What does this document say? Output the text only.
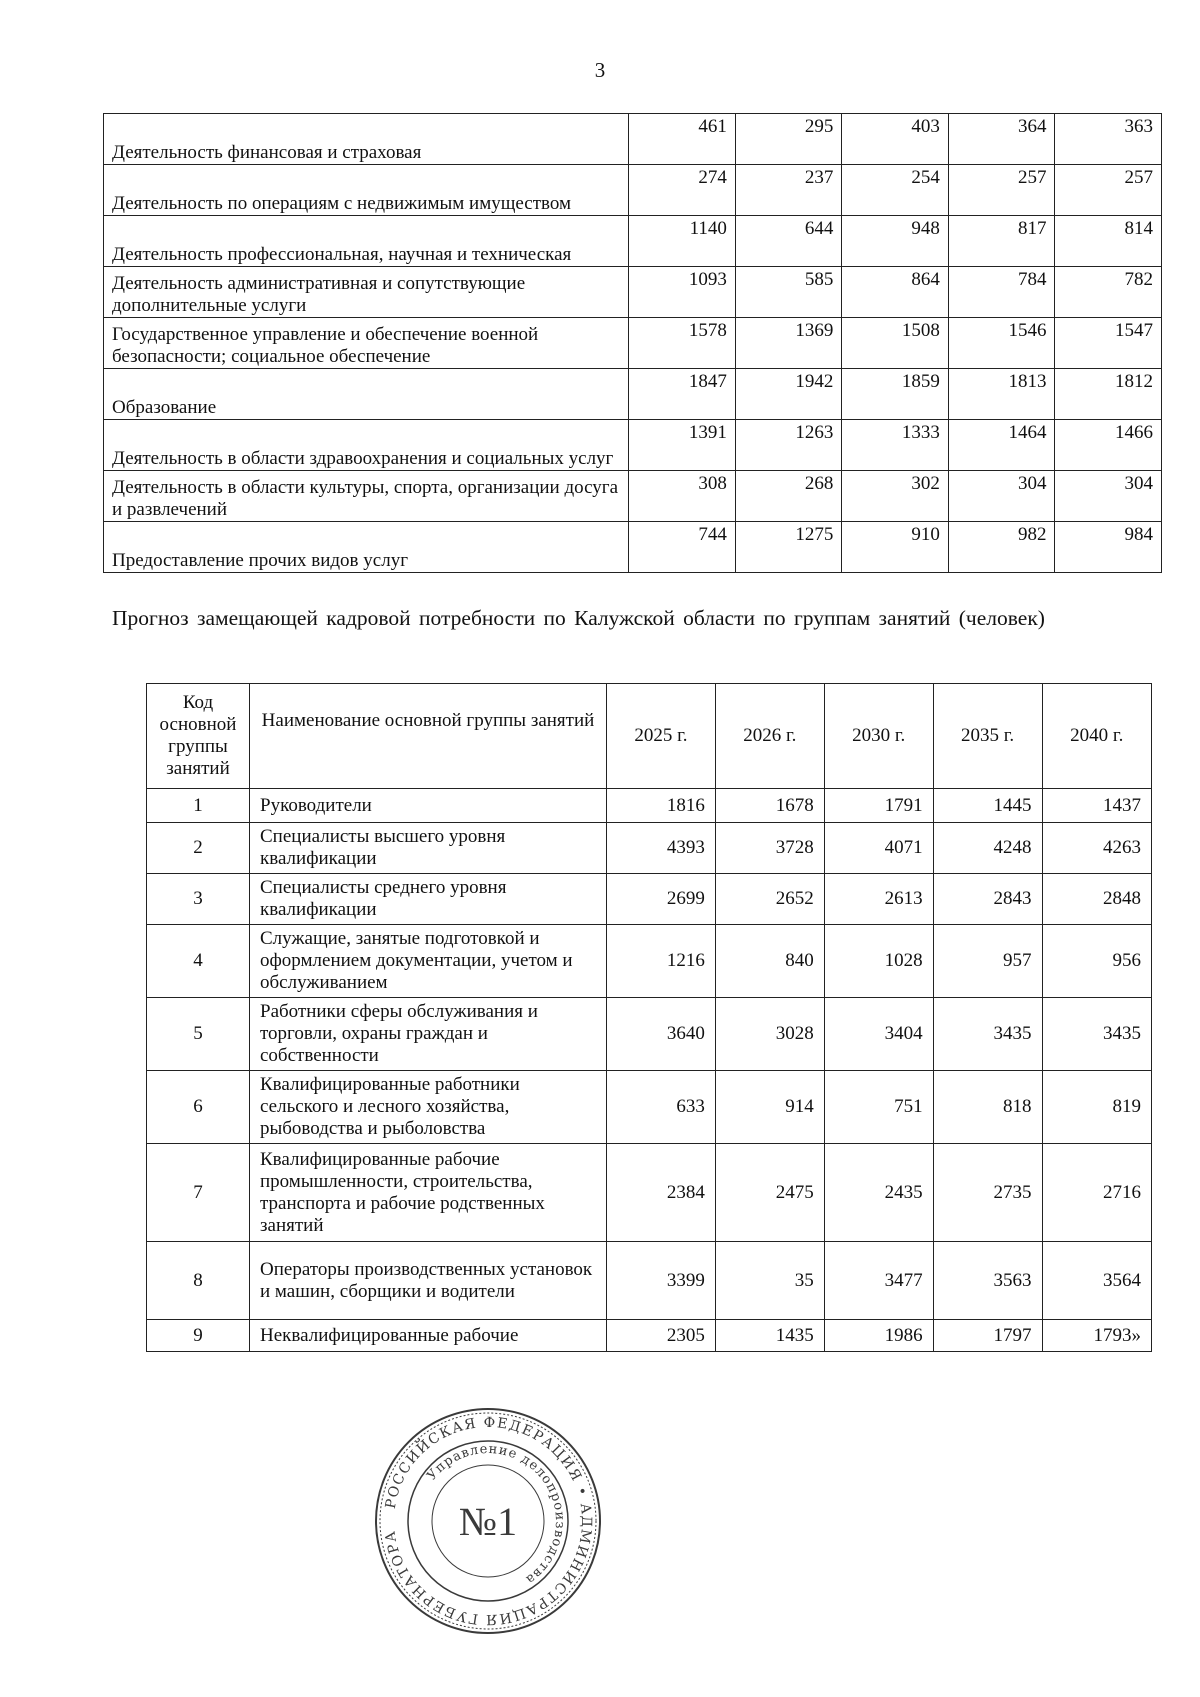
3
Деятельность финансовая и страховая	461	295	403	364	363
Деятельность по операциям с недвижимым имуществом	274	237	254	257	257
Деятельность профессиональная, научная и техническая	1140	644	948	817	814
Деятельность административная и сопутствующие дополнительные услуги	1093	585	864	784	782
Государственное управление и обеспечение военной безопасности; социальное обеспечение	1578	1369	1508	1546	1547
Образование	1847	1942	1859	1813	1812
Деятельность в области здравоохранения и социальных услуг	1391	1263	1333	1464	1466
Деятельность в области культуры, спорта, организации досуга и развлечений	308	268	302	304	304
Предоставление прочих видов услуг	744	1275	910	982	984
Прогноз замещающей кадровой потребности по Калужской области по группам занятий (человек)
Код основной группы занятий	Наименование основной группы занятий	2025 г.	2026 г.	2030 г.	2035 г.	2040 г.
1	Руководители	1816	1678	1791	1445	1437
2	Специалисты высшего уровня квалификации	4393	3728	4071	4248	4263
3	Специалисты среднего уровня квалификации	2699	2652	2613	2843	2848
4	Служащие, занятые подготовкой и оформлением документации, учетом и обслуживанием	1216	840	1028	957	956
5	Работники сферы обслуживания и торговли, охраны граждан и собственности	3640	3028	3404	3435	3435
6	Квалифицированные работники сельского и лесного хозяйства, рыбоводства и рыболовства	633	914	751	818	819
7	Квалифицированные рабочие промышленности, строительства, транспорта и рабочие родственных занятий	2384	2475	2435	2735	2716
8	Операторы производственных установок и машин, сборщики и водители	3399	35	3477	3563	3564
9	Неквалифицированные рабочие	2305	1435	1986	1797	1793»
РОССИЙСКАЯ ФЕДЕРАЦИЯ • АДМИНИСТРАЦИЯ ГУБЕРНАТОРА
Управление делопроизводства
№1
